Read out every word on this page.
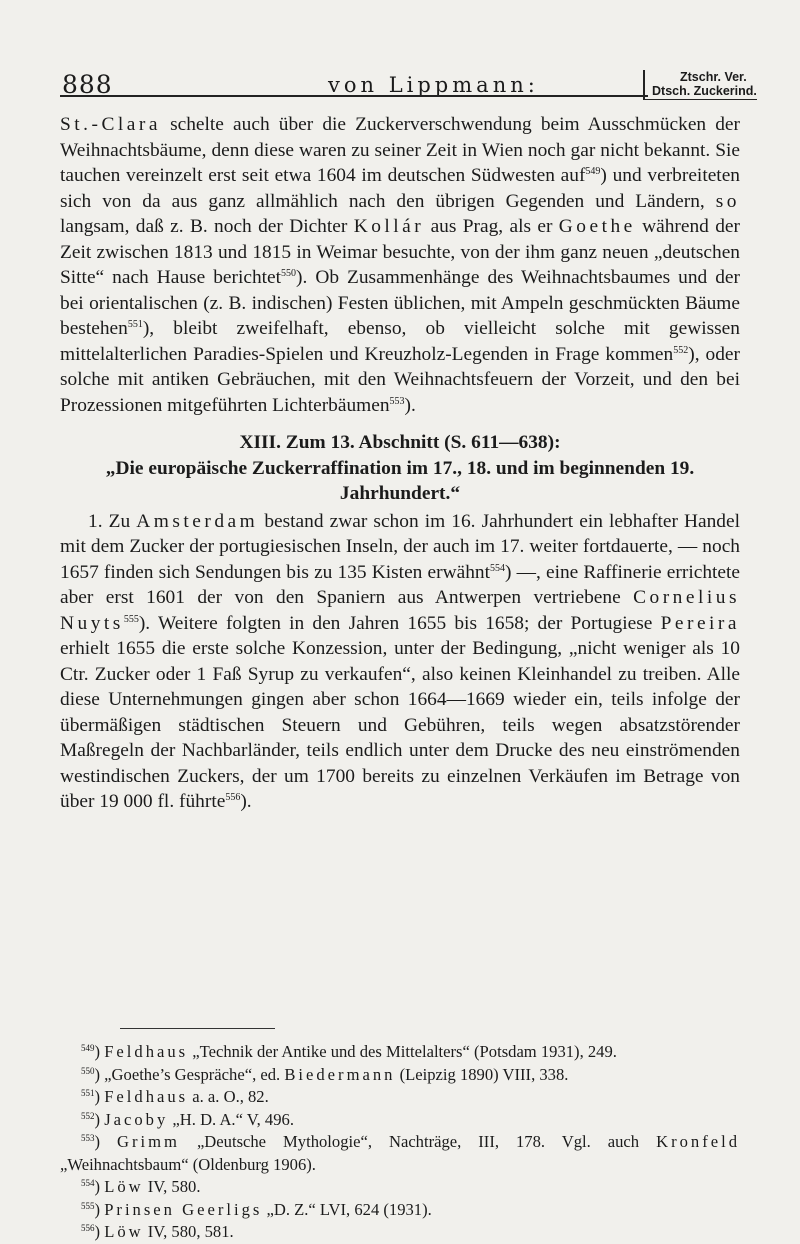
888	von Lippmann:	Ztschr. Ver.
Dtsch. Zuckerind.

St.-Clara schelte auch über die Zuckerverschwendung beim Ausschmücken der Weihnachtsbäume, denn diese waren zu seiner Zeit in Wien noch gar nicht bekannt. Sie tauchen vereinzelt erst seit etwa 1604 im deutschen Südwesten auf$^{549}$) und verbreiteten sich von da aus ganz allmählich nach den übrigen Gegenden und Ländern, so langsam, daß z. B. noch der Dichter Kollár aus Prag, als er Goethe während der Zeit zwischen 1813 und 1815 in Weimar besuchte, von der ihm ganz neuen „deutschen Sitte“ nach Hause berichtet$^{550}$). Ob Zusammenhänge des Weihnachtsbaumes und der bei orientalischen (z. B. indischen) Festen üblichen, mit Ampeln geschmückten Bäume bestehen$^{551}$), bleibt zweifelhaft, ebenso, ob vielleicht solche mit gewissen mittelalterlichen Paradies-Spielen und Kreuzholz-Legenden in Frage kommen$^{552}$), oder solche mit antiken Gebräuchen, mit den Weihnachtsfeuern der Vorzeit, und den bei Prozessionen mitgeführten Lichterbäumen$^{553}$).

XIII. Zum 13. Abschnitt (S. 611—638):
„Die europäische Zuckerraffination im 17., 18. und im beginnenden 19. Jahrhundert.“

1. Zu Amsterdam bestand zwar schon im 16. Jahrhundert ein lebhafter Handel mit dem Zucker der portugiesischen Inseln, der auch im 17. weiter fortdauerte, — noch 1657 finden sich Sendungen bis zu 135 Kisten erwähnt$^{554}$) —, eine Raffinerie errichtete aber erst 1601 der von den Spaniern aus Antwerpen vertriebene Cornelius Nuyts$^{555}$). Weitere folgten in den Jahren 1655 bis 1658; der Portugiese Pereira erhielt 1655 die erste solche Konzession, unter der Bedingung, „nicht weniger als 10 Ctr. Zucker oder 1 Faß Syrup zu verkaufen“, also keinen Kleinhandel zu treiben. Alle diese Unternehmungen gingen aber schon 1664—1669 wieder ein, teils infolge der übermäßigen städtischen Steuern und Gebühren, teils wegen absatzstörender Maßregeln der Nachbarländer, teils endlich unter dem Drucke des neu einströmenden westindischen Zuckers, der um 1700 bereits zu einzelnen Verkäufen im Betrage von über 19 000 fl. führte$^{556}$).

$^{549}$) Feldhaus „Technik der Antike und des Mittelalters“ (Potsdam 1931), 249.

$^{550}$) „Goethe’s Gespräche“, ed. Biedermann (Leipzig 1890) VIII, 338.

$^{551}$) Feldhaus a. a. O., 82.

$^{552}$) Jacoby „H. D. A.“ V, 496.

$^{553}$) Grimm „Deutsche Mythologie“, Nachträge, III, 178. Vgl. auch Kronfeld „Weihnachtsbaum“ (Oldenburg 1906).

$^{554}$) Löw IV, 580.

$^{555}$) Prinsen Geerligs „D. Z.“ LVI, 624 (1931).

$^{556}$) Löw IV, 580, 581.
